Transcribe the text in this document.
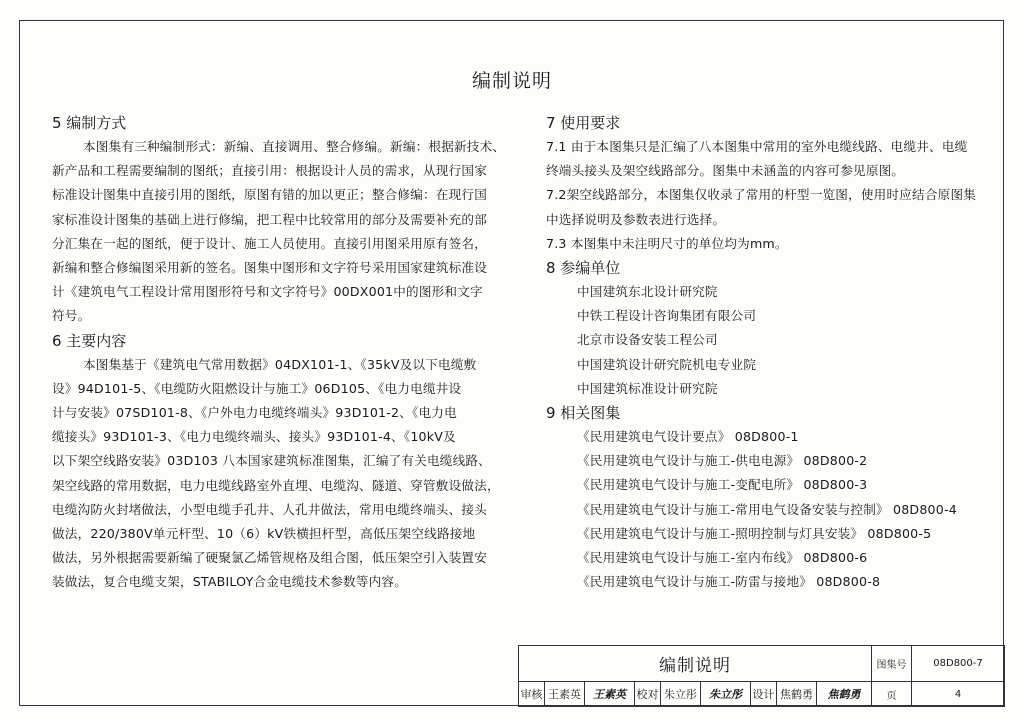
编制说明
5 编制方式

本图集有三种编制形式：新编、直接调用、整合修编。新编：根据新技术、

新产品和工程需要编制的图纸；直接引用：根据设计人员的需求，从现行国家

标准设计图集中直接引用的图纸，原图有错的加以更正；整合修编：在现行国

家标准设计图集的基础上进行修编，把工程中比较常用的部分及需要补充的部

分汇集在一起的图纸，便于设计、施工人员使用。直接引用图采用原有签名，

新编和整合修编图采用新的签名。图集中图形和文字符号采用国家建筑标准设

计《建筑电气工程设计常用图形符号和文字符号》00DX001中的图形和文字

符号。

6 主要内容

本图集基于《建筑电气常用数据》04DX101-1、《35kV及以下电缆敷

设》94D101-5、《电缆防火阻燃设计与施工》06D105、《电力电缆井设

计与安装》07SD101-8、《户外电力电缆终端头》93D101-2、《电力电

缆接头》93D101-3、《电力电缆终端头、接头》93D101-4、《10kV及

以下架空线路安装》03D103 八本国家建筑标准图集，汇编了有关电缆线路、

架空线路的常用数据，电力电缆线路室外直埋、电缆沟、隧道、穿管敷设做法，

电缆沟防火封堵做法，小型电缆手孔井、人孔井做法，常用电缆终端头、接头

做法，220/380V单元杆型、10（6）kV铁横担杆型，高低压架空线路接地

做法，另外根据需要新编了硬聚氯乙烯管规格及组合图，低压架空引入装置安

装做法，复合电缆支架，STABILOY合金电缆技术参数等内容。

7 使用要求

7.1 由于本图集只是汇编了八本图集中常用的室外电缆线路、电缆井、电缆

终端头接头及架空线路部分。图集中未涵盖的内容可参见原图。

7.2架空线路部分，本图集仅收录了常用的杆型一览图，使用时应结合原图集

中选择说明及参数表进行选择。

7.3 本图集中未注明尺寸的单位均为mm。

8 参编单位

中国建筑东北设计研究院

中铁工程设计咨询集团有限公司

北京市设备安装工程公司

中国建筑设计研究院机电专业院

中国建筑标准设计研究院

9 相关图集

《民用建筑电气设计要点》 08D800-1

《民用建筑电气设计与施工-供电电源》 08D800-2

《民用建筑电气设计与施工-变配电所》 08D800-3

《民用建筑电气设计与施工-常用电气设备安装与控制》 08D800-4

《民用建筑电气设计与施工-照明控制与灯具安装》 08D800-5

《民用建筑电气设计与施工-室内布线》 08D800-6

《民用建筑电气设计与施工-防雷与接地》 08D800-8

编制说明									图集号	08D800-7
审核	王素英	王素英	校对	朱立彤	朱立彤	设计	焦鹤勇	焦鹤勇	页	4
